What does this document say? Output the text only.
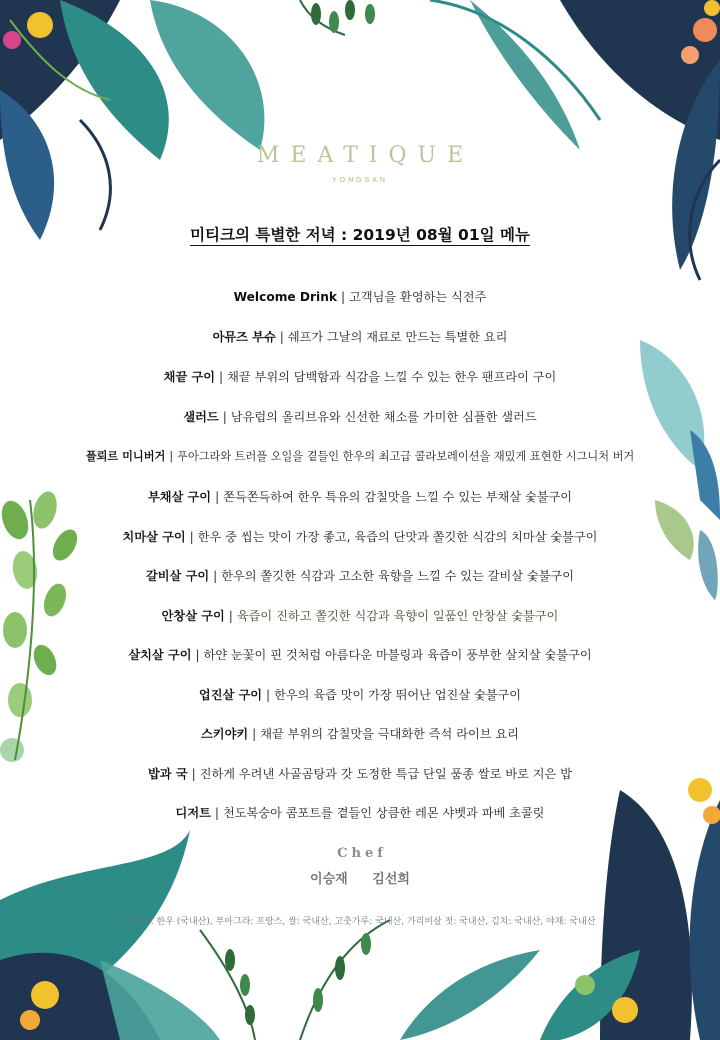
MEATIQUE
YONGSAN
미티크의 특별한 저녁 : 2019년 08월 01일 메뉴
Welcome Drink | 고객님을 환영하는 식전주
아뮤즈 부슈 | 쉐프가 그날의 재료로 만드는 특별한 요리
채끝 구이 | 채끝 부위의 담백함과 식감을 느낄 수 있는 한우 팬프라이 구이
샐러드 | 남유럽의 올리브유와 신선한 채소를 가미한 심플한 샐러드
플뢰르 미니버거 | 푸아그라와 트러플 오일을 곁들인 한우의 최고급 콜라보레이션을 재밌게 표현한 시그니처 버거
부채살 구이 | 쫀득쫀득하여 한우 특유의 감칠맛을 느낄 수 있는 부채살 숯불구이
치마살 구이 | 한우 중 씹는 맛이 가장 좋고, 육즙의 단맛과 쫄깃한 식감의 치마살 숯불구이
갈비살 구이 | 한우의 쫄깃한 식감과 고소한 육향을 느낄 수 있는 갈비살 숯불구이
안창살 구이 | 육즙이 진하고 쫄깃한 식감과 육향이 일품인 안창살 숯불구이
살치살 구이 | 하얀 눈꽃이 핀 것처럼 아름다운 마블링과 육즙이 풍부한 살치살 숯불구이
업진살 구이 | 한우의 육즙 맛이 가장 뛰어난 업진살 숯불구이
스키야키 | 채끝 부위의 감칠맛을 극대화한 즉석 라이브 요리
밥과 국 | 진하게 우려낸 사골곰탕과 갓 도정한 특급 단일 품종 쌀로 바로 지은 밥
디저트 | 천도복숭아 콤포트를 곁들인 상큼한 레몬 샤벳과 파베 초콜릿
Chef
이승재 김선희
쇠고기: 한우 (국내산), 푸아그라: 프랑스, 쌀: 국내산, 고춧가루: 국내산, 가리비살 젓: 국내산, 김치: 국내산, 야채: 국내산
